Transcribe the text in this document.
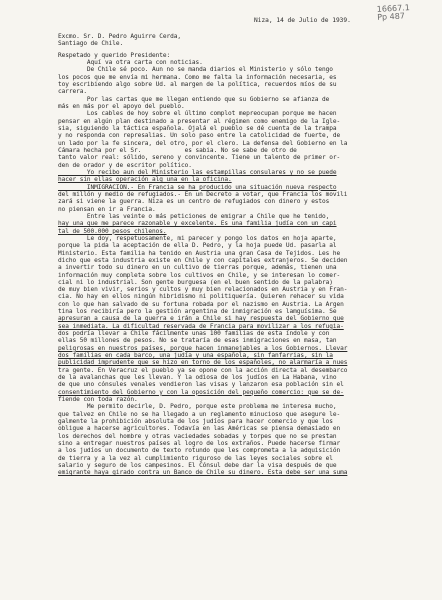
16667.1
Pp 487
Niza, 14 de Julio de 1939.
Excmo. Sr. D. Pedro Aguirre Cerda,
Santiago de Chile.
Respetado y querido Presidente:
Aquí va otra carta con noticias.
De Chile sé poco. Aun no se manda diarios el Ministerio y sólo tengo
los pocos que me envía mi hermana. Como me falta la información necesaria, es
toy escribiendo algo sobre Ud. al margen de la política, recuerdos míos de su
carrera.
Por las cartas que me llegan entiendo que su Gobierno se afianza de
más en más por el apoyo del pueblo.
Los cables de hoy sobre el último complot mepreocupan porque me hacen
pensar en algún plan destinado a presentar al régimen como enemigo de la Igle-
sia, siguiendo la táctica española. Ojalá el pueblo se dé cuenta de la trampa
y no responda con represalias. Un solo paso entre la catolicidad de fuerte, de
un lado por la fe sincera, del otro, por el clero. La defensa del Gobierno en la
Cámara hecha por el Sr.            es sabia. No se sabe de otro de
tanto valor real: sólido, sereno y convincente. Tiene un talento de primer or-
den de orador y de escritor político.
Yo recibo aun del Ministerio las estampillas consulares y no se puede
hacer sin ellas operación alg una en la oficina.
INMIGRACIÓN.- En Francia se ha producido una situación nueva respecto
del millón y medio de refugiados.- En un Decreto a votar, que Francia los movili
zará si viene la guerra. Niza es un centro de refugiados con dinero y estos
no piensan en ir a Francia.
Entre las veinte o más peticiones de emigrar a Chile que he tenido,
hay una que me parece razonable y excelente. Es una familia judía con un capi
tal de 500.000 pesos chilenos.
Le doy, respetuosamente, mi parecer y pongo los datos en hoja aparte,
porque la pida la aceptación de ella D. Pedro, y la hoja puede Ud. pasarla al
Ministerio. Esta familia ha tenido en Austria una gran Casa de Tejidos. Les he
dicho que esta industria existe en Chile y con capitales extranjeros. Se deciden
a invertir todo su dinero en un cultivo de tierras porque, además, tienen una
información muy completa sobre los cultivos en Chile, y se interesan lo comer-
cial ni lo industrial. Son gente burguesa (en el buen sentido de la palabra)
de muy bien vivir, serios y cultos y muy bien relacionados en Austria y en Fran-
cia. No hay en ellos ningún hibridismo ni politiquería. Quieren rehacer su vida
con lo que han salvado de su fortuna robada por el nazismo en Austria. La Argen
tina los recibiría pero la gestión argentina de inmigración es lamguísima. Se
apresuran a causa de la guerra e irán a Chile si hay respuesta del Gobierno que
sea inmediata. La dificultad reservada de Francia para movilizar a los refugia-
dos podría llevar a Chile fácilmente unas 100 familias de esta índole y con
ellas 50 millones de pesos. No se trataría de esas inmigraciones en masa, tan
peligrosas en nuestros países, porque hacen inmanejables a los Gobiernos. Llevar
dos familias en cada barco, una judía y una española, sin fanfarrias, sin la
publicidad imprudente que se hizo en torno de los españoles, no alarmaría a nues
tra gente. En Veracruz el pueblo ya se opone con la acción directa al desembarco
de la avalanchas que les llevan. Y la odiosa de los judíos en La Habana, vino
de que uno cónsules venales vendieron las visas y lanzaron esa población sin el
consentimiento del Gobierno y con la oposición del pequeño comercio: que se de-
fiende con toda razón.
Me permito decirle, D. Pedro, porque este problema me interesa mucho,
que talvez en Chile no se ha llegado a un reglamento minucioso que asegure le-
galmente la prohibición absoluta de los judíos para hacer comercio y que los
obligue a hacerse agricultores. Todavía en las Américas se piensa demasiado en
los derechos del hombre y otras vaciedades sobadas y torpes que no se prestan
sino a entregar nuestros países al logro de los extraños. Puede hacerse firmar
a los judíos un documento de texto rotundo que les comprometa a la adquisición
de tierra y a la vez al cumplimiento riguroso de las leyes sociales sobre el
salario y seguro de los campesinos. El Cónsul debe dar la visa después de que
emigrante haya girado contra un Banco de Chile su dinero. Esta debe ser una suma
